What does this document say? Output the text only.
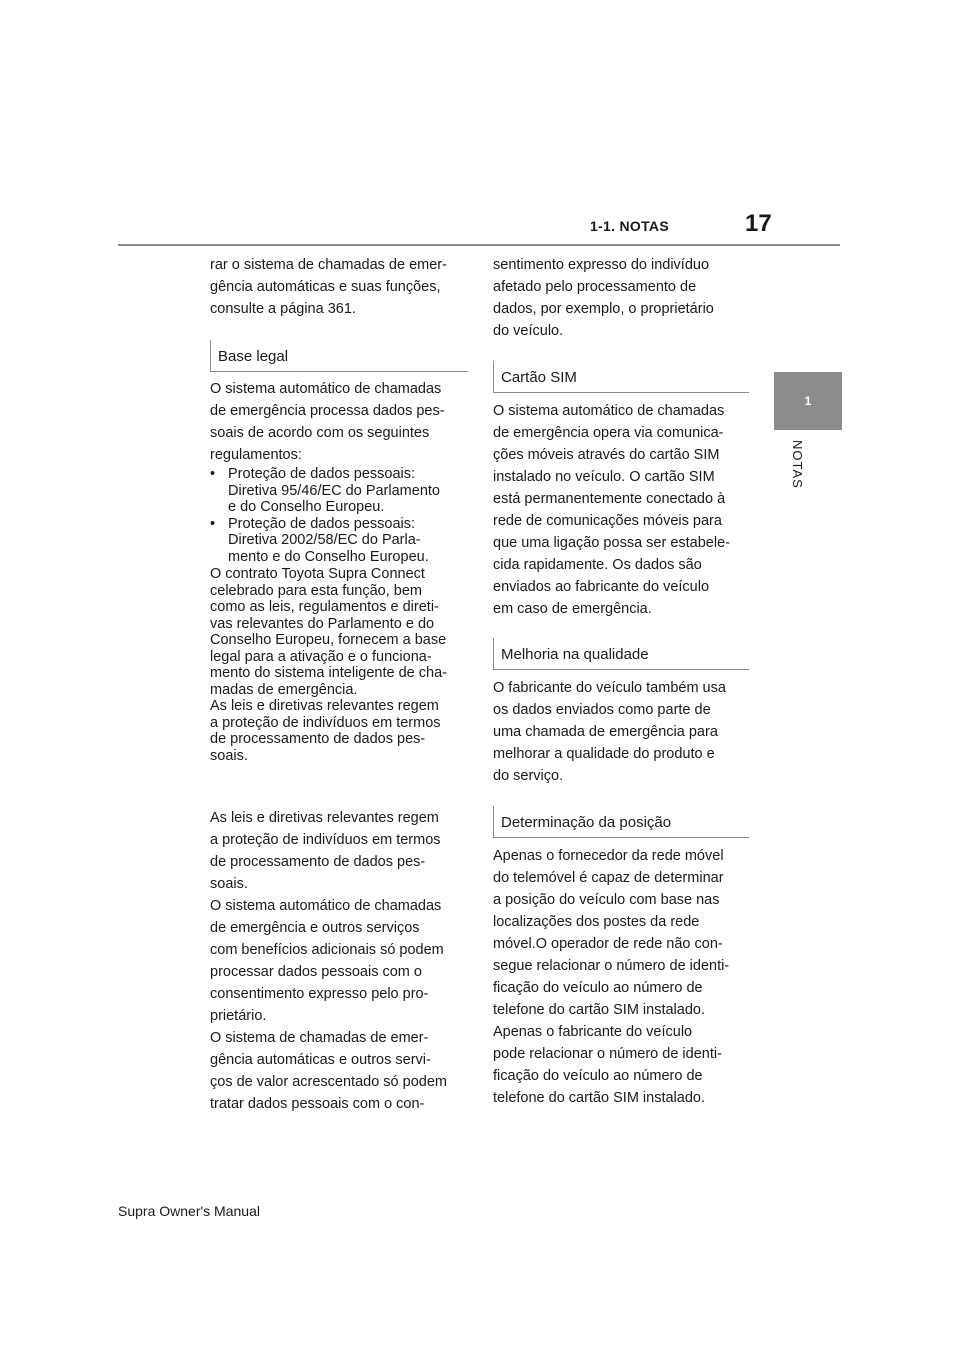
1-1. NOTAS	17
1
NOTAS

rar o sistema de chamadas de emer-
gência automáticas e suas funções,
consulte a página 361.

Base legal

O sistema automático de chamadas
de emergência processa dados pes-
soais de acordo com os seguintes
regulamentos:

• Proteção de dados pessoais:
Diretiva 95/46/EC do Parlamento
e do Conselho Europeu.
• Proteção de dados pessoais:
Diretiva 2002/58/EC do Parla-
mento e do Conselho Europeu.

O contrato Toyota Supra Connect
celebrado para esta função, bem
como as leis, regulamentos e direti-
vas relevantes do Parlamento e do
Conselho Europeu, fornecem a base
legal para a ativação e o funciona-
mento do sistema inteligente de cha-
madas de emergência.
As leis e diretivas relevantes regem
a proteção de indivíduos em termos
de processamento de dados pes-
soais.

As leis e diretivas relevantes regem
a proteção de indivíduos em termos
de processamento de dados pes-
soais.

O sistema automático de chamadas
de emergência e outros serviços
com benefícios adicionais só podem
processar dados pessoais com o
consentimento expresso pelo pro-
prietário.
O sistema de chamadas de emer-
gência automáticas e outros servi-
ços de valor acrescentado só podem
tratar dados pessoais com o con-

sentimento expresso do indivíduo
afetado pelo processamento de
dados, por exemplo, o proprietário
do veículo.

Cartão SIM

O sistema automático de chamadas
de emergência opera via comunica-
ções móveis através do cartão SIM
instalado no veículo. O cartão SIM
está permanentemente conectado à
rede de comunicações móveis para
que uma ligação possa ser estabele-
cida rapidamente. Os dados são
enviados ao fabricante do veículo
em caso de emergência.

Melhoria na qualidade

O fabricante do veículo também usa
os dados enviados como parte de
uma chamada de emergência para
melhorar a qualidade do produto e
do serviço.

Determinação da posição

Apenas o fornecedor da rede móvel
do telemóvel é capaz de determinar
a posição do veículo com base nas
localizações dos postes da rede
móvel.O operador de rede não con-
segue relacionar o número de identi-
ficação do veículo ao número de
telefone do cartão SIM instalado.
Apenas o fabricante do veículo
pode relacionar o número de identi-
ficação do veículo ao número de
telefone do cartão SIM instalado.

Supra Owner's Manual
